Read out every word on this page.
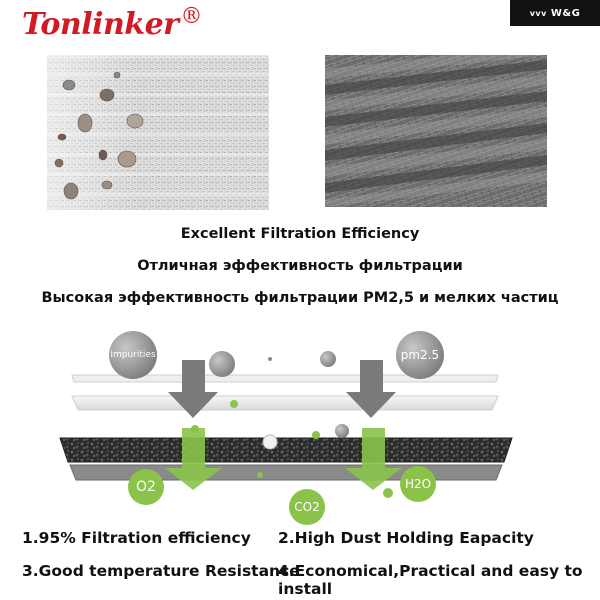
Tonlinker®	vvv W&G
Excellent Filtration Efficiency
Отличная эффективность фильтрации
Высокая эффективность фильтрации PM2,5 и мелких частиц
Impurities	pm2.5
O2
CO2
H2O
1.95% Filtration efficiency 2.High Dust Holding Eapacity
3.Good temperature Resistance
4.Economical,Practical and easy to install
